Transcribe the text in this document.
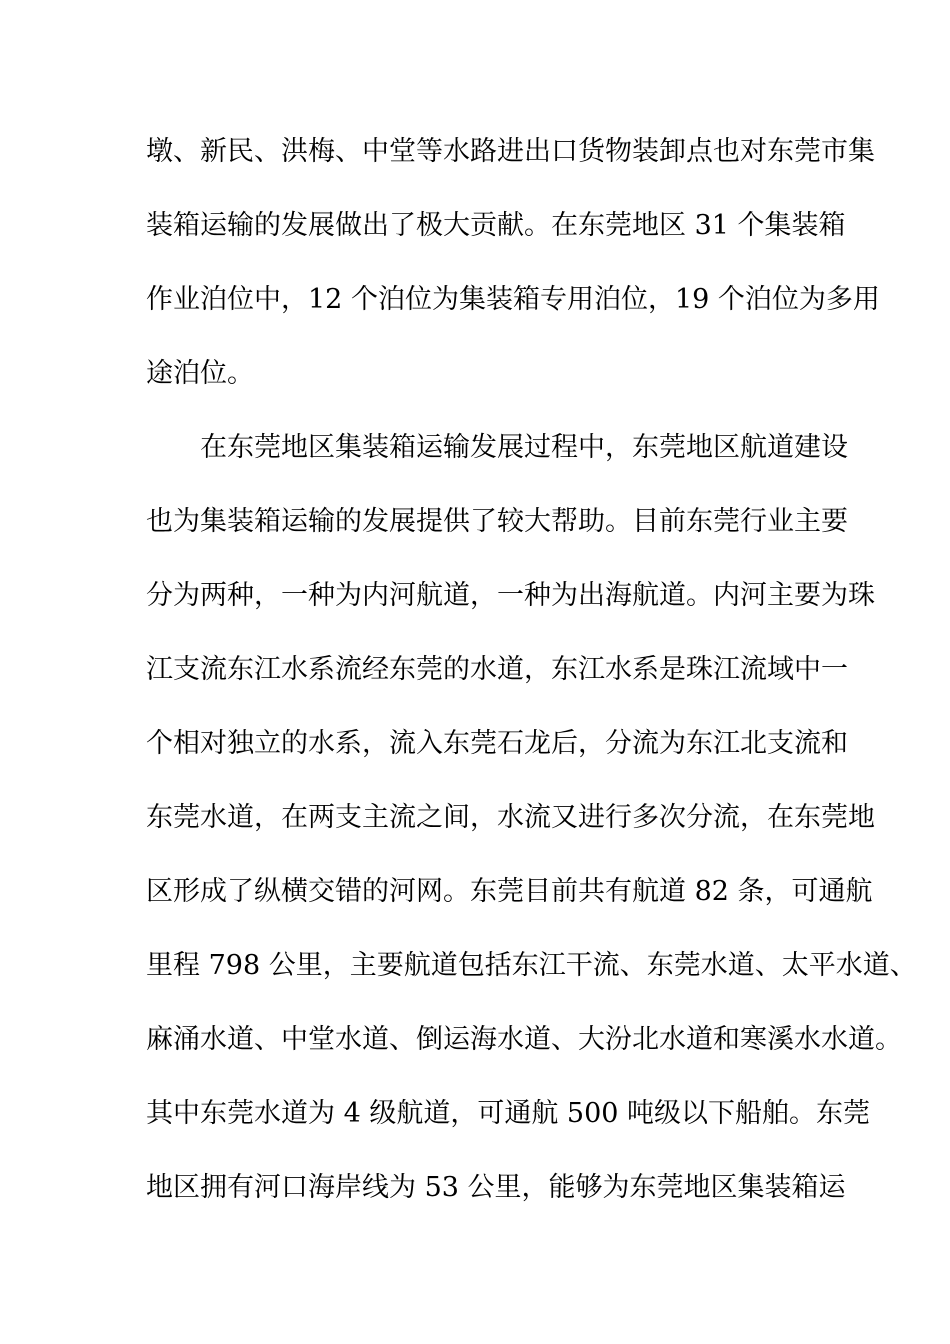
墩、新民、洪梅、中堂等水路进出口货物装卸点也对东莞市集
装箱运输的发展做出了极大贡献。在东莞地区 31 个集装箱
作业泊位中，12 个泊位为集装箱专用泊位，19 个泊位为多用
途泊位。
在东莞地区集装箱运输发展过程中，东莞地区航道建设
也为集装箱运输的发展提供了较大帮助。目前东莞行业主要
分为两种，一种为内河航道，一种为出海航道。内河主要为珠
江支流东江水系流经东莞的水道，东江水系是珠江流域中一
个相对独立的水系，流入东莞石龙后，分流为东江北支流和
东莞水道，在两支主流之间，水流又进行多次分流，在东莞地
区形成了纵横交错的河网。东莞目前共有航道 82 条，可通航
里程 798 公里，主要航道包括东江干流、东莞水道、太平水道、
麻涌水道、中堂水道、倒运海水道、大汾北水道和寒溪水水道。
其中东莞水道为 4 级航道，可通航 500 吨级以下船舶。东莞
地区拥有河口海岸线为 53 公里，能够为东莞地区集装箱运
